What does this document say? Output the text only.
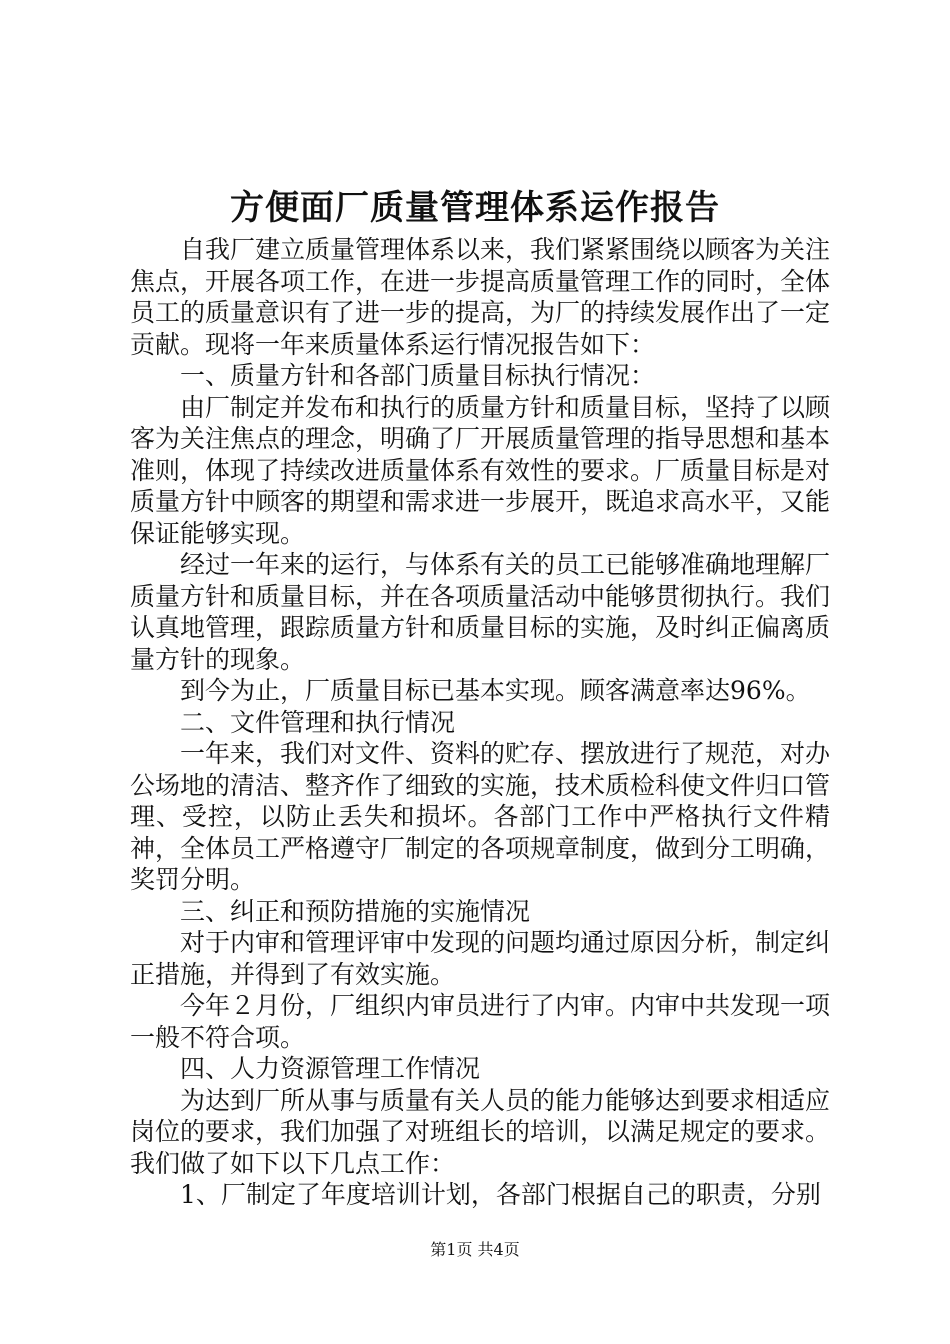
方便面厂质量管理体系运作报告

自我厂建立质量管理体系以来，我们紧紧围绕以顾客为关注焦点，开展各项工作，在进一步提高质量管理工作的同时，全体员工的质量意识有了进一步的提高，为厂的持续发展作出了一定贡献。现将一年来质量体系运行情况报告如下：

一、质量方针和各部门质量目标执行情况：

由厂制定并发布和执行的质量方针和质量目标，坚持了以顾客为关注焦点的理念，明确了厂开展质量管理的指导思想和基本准则，体现了持续改进质量体系有效性的要求。厂质量目标是对质量方针中顾客的期望和需求进一步展开，既追求高水平，又能保证能够实现。

经过一年来的运行，与体系有关的员工已能够准确地理解厂质量方针和质量目标，并在各项质量活动中能够贯彻执行。我们认真地管理，跟踪质量方针和质量目标的实施，及时纠正偏离质量方针的现象。

到今为止，厂质量目标已基本实现。顾客满意率达96%。

二、文件管理和执行情况

一年来，我们对文件、资料的贮存、摆放进行了规范，对办公场地的清洁、整齐作了细致的实施，技术质检科使文件归口管理、受控，以防止丢失和损坏。各部门工作中严格执行文件精神，全体员工严格遵守厂制定的各项规章制度，做到分工明确，奖罚分明。

三、纠正和预防措施的实施情况

对于内审和管理评审中发现的问题均通过原因分析，制定纠正措施，并得到了有效实施。

今年２月份，厂组织内审员进行了内审。内审中共发现一项一般不符合项。

四、人力资源管理工作情况

为达到厂所从事与质量有关人员的能力能够达到要求相适应岗位的要求，我们加强了对班组长的培训，以满足规定的要求。我们做了如下以下几点工作：

1、厂制定了年度培训计划，各部门根据自己的职责，分别

第1页 共4页
